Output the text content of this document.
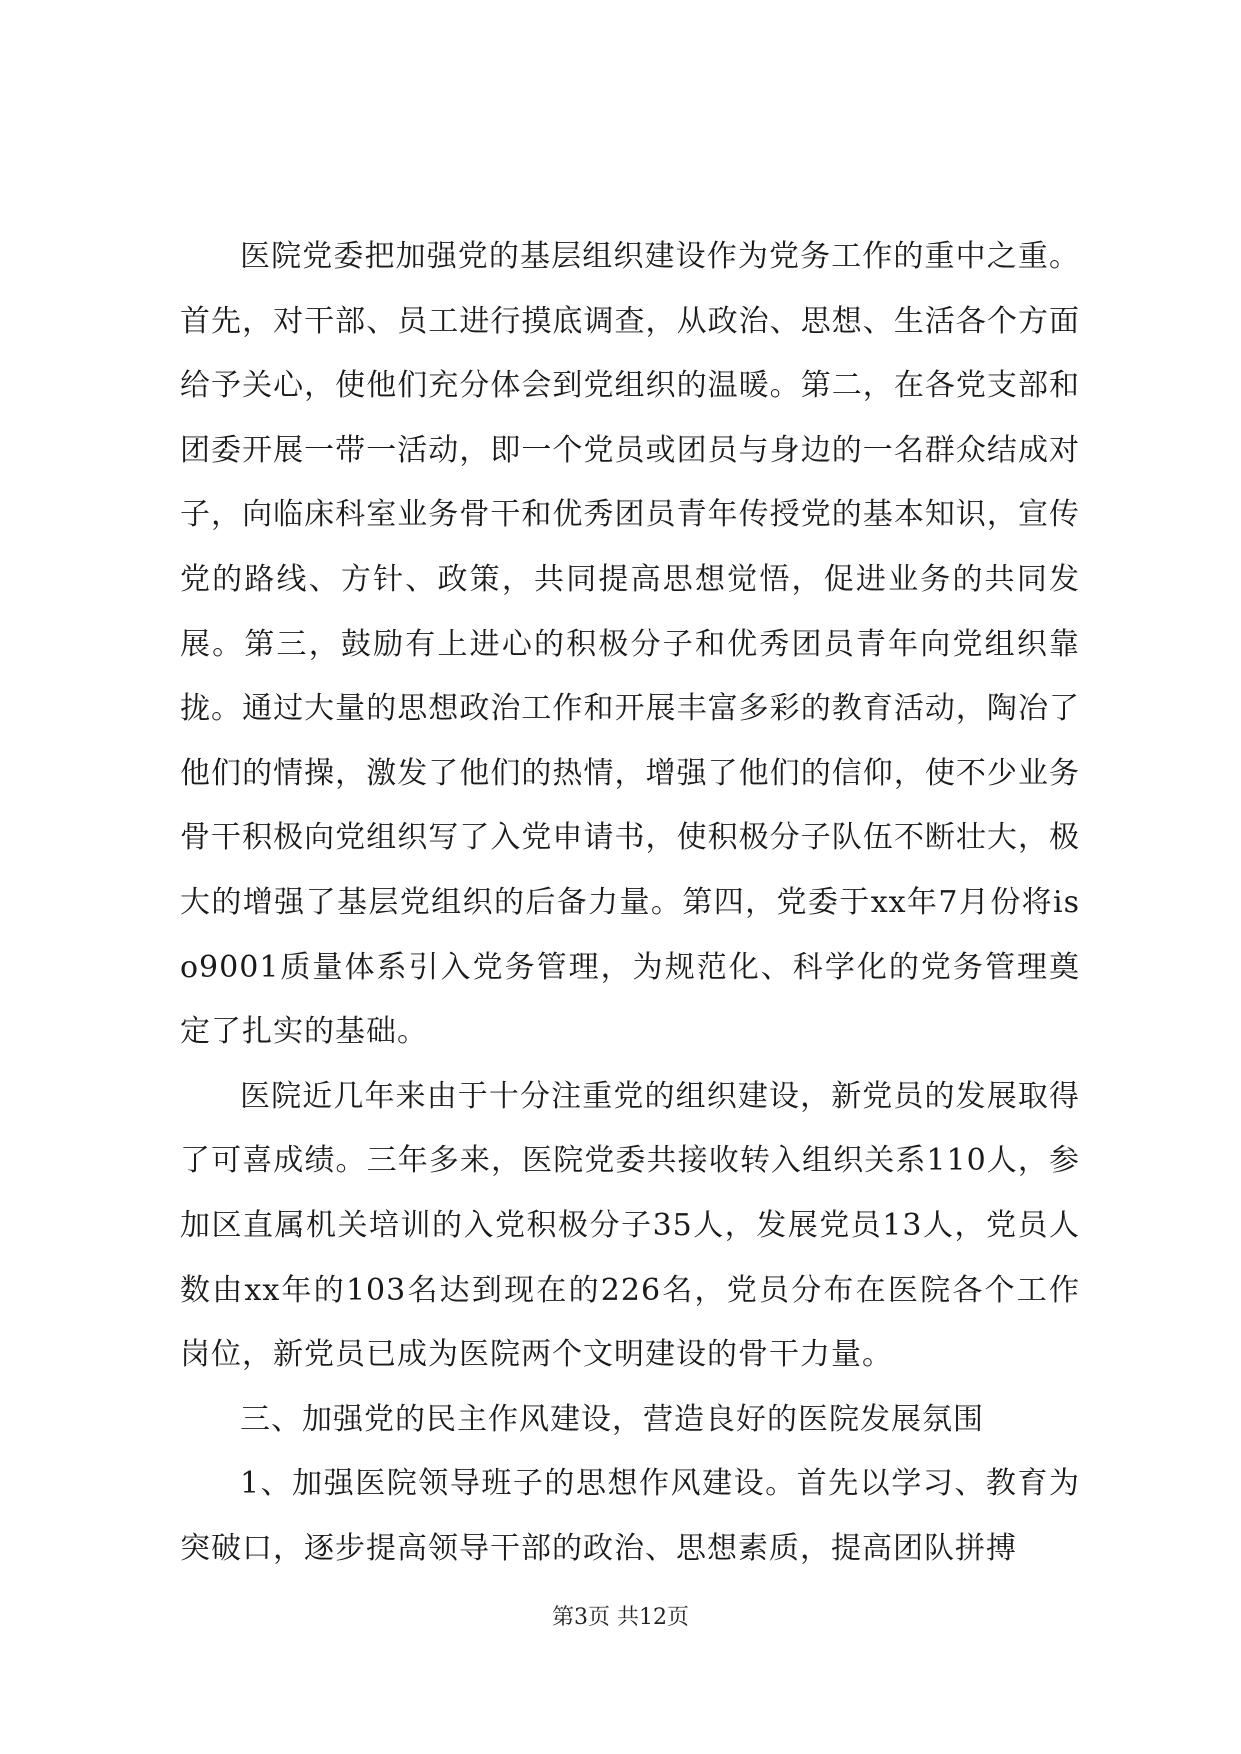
医院党委把加强党的基层组织建设作为党务工作的重中之重。首先，对干部、员工进行摸底调查，从政治、思想、生活各个方面给予关心，使他们充分体会到党组织的温暖。第二，在各党支部和团委开展一带一活动，即一个党员或团员与身边的一名群众结成对子，向临床科室业务骨干和优秀团员青年传授党的基本知识，宣传党的路线、方针、政策，共同提高思想觉悟，促进业务的共同发展。第三，鼓励有上进心的积极分子和优秀团员青年向党组织靠拢。通过大量的思想政治工作和开展丰富多彩的教育活动，陶冶了他们的情操，激发了他们的热情，增强了他们的信仰，使不少业务骨干积极向党组织写了入党申请书，使积极分子队伍不断壮大，极大的增强了基层党组织的后备力量。第四，党委于xx年7月份将iso9001质量体系引入党务管理，为规范化、科学化的党务管理奠定了扎实的基础。

医院近几年来由于十分注重党的组织建设，新党员的发展取得了可喜成绩。三年多来，医院党委共接收转入组织关系110人，参加区直属机关培训的入党积极分子35人，发展党员13人，党员人数由xx年的103名达到现在的226名，党员分布在医院各个工作岗位，新党员已成为医院两个文明建设的骨干力量。

三、加强党的民主作风建设，营造良好的医院发展氛围

1、加强医院领导班子的思想作风建设。首先以学习、教育为突破口，逐步提高领导干部的政治、思想素质，提高团队拼搏

第3页 共12页
